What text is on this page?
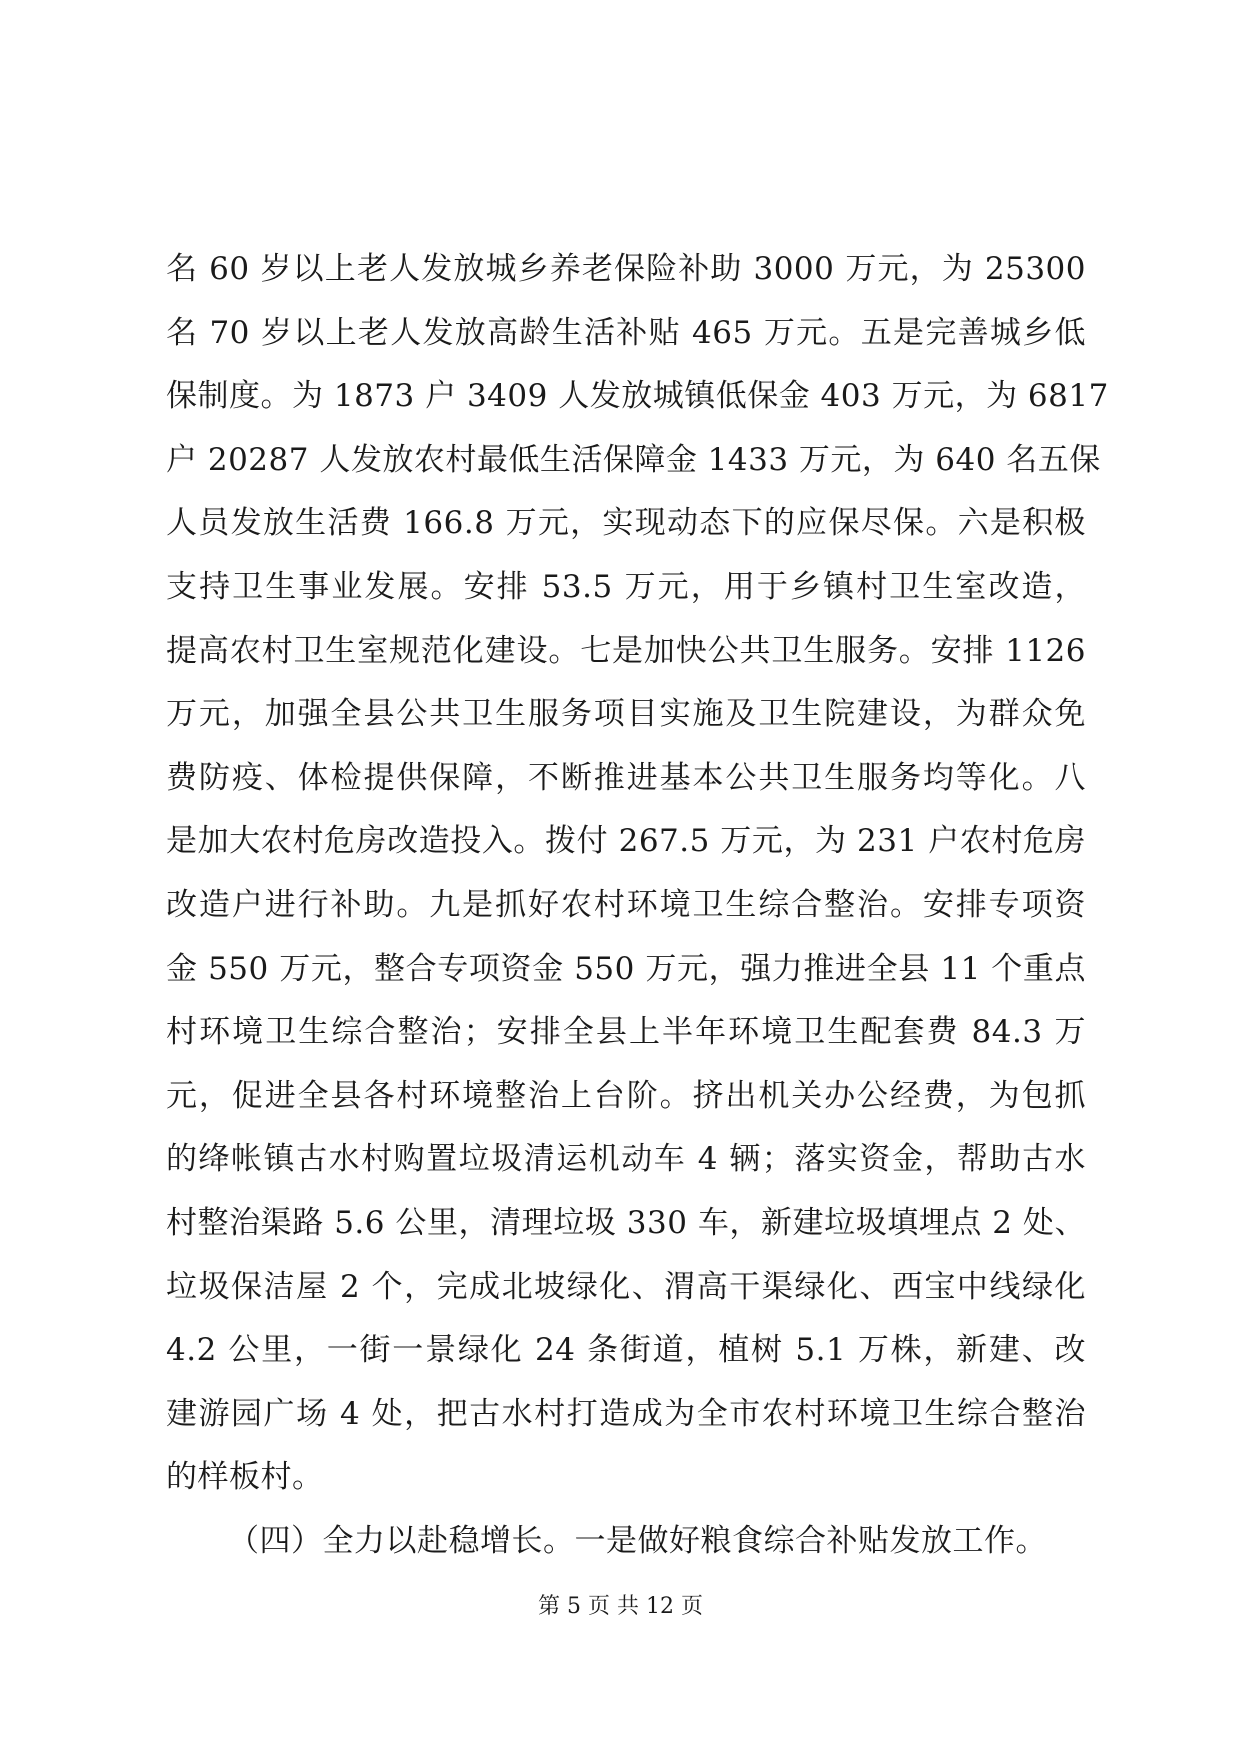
名 60 岁以上老人发放城乡养老保险补助 3000 万元，为 25300
名 70 岁以上老人发放高龄生活补贴 465 万元。五是完善城乡低
保制度。为 1873 户 3409 人发放城镇低保金 403 万元，为 6817
户 20287 人发放农村最低生活保障金 1433 万元，为 640 名五保
人员发放生活费 166.8 万元，实现动态下的应保尽保。六是积极
支持卫生事业发展。安排 53.5 万元，用于乡镇村卫生室改造，
提高农村卫生室规范化建设。七是加快公共卫生服务。安排 1126
万元，加强全县公共卫生服务项目实施及卫生院建设，为群众免
费防疫、体检提供保障，不断推进基本公共卫生服务均等化。八
是加大农村危房改造投入。拨付 267.5 万元，为 231 户农村危房
改造户进行补助。九是抓好农村环境卫生综合整治。安排专项资
金 550 万元，整合专项资金 550 万元，强力推进全县 11 个重点
村环境卫生综合整治；安排全县上半年环境卫生配套费 84.3 万
元，促进全县各村环境整治上台阶。挤出机关办公经费，为包抓
的绛帐镇古水村购置垃圾清运机动车 4 辆；落实资金，帮助古水
村整治渠路 5.6 公里，清理垃圾 330 车，新建垃圾填埋点 2 处、
垃圾保洁屋 2 个，完成北坡绿化、渭高干渠绿化、西宝中线绿化
4.2 公里，一街一景绿化 24 条街道，植树 5.1 万株，新建、改
建游园广场 4 处，把古水村打造成为全市农村环境卫生综合整治
的样板村。
（四）全力以赴稳增长。一是做好粮食综合补贴发放工作。
第 5 页 共 12 页
